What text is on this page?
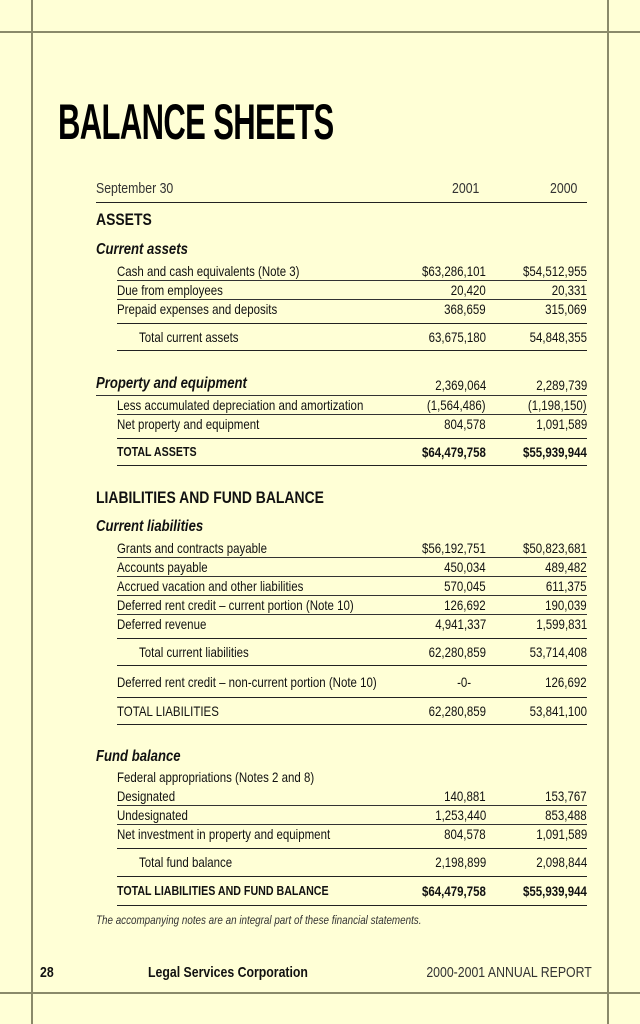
BALANCE SHEETS
September 30	2001	2000
ASSETS
Current assets
Cash and cash equivalents (Note 3)	$63,286,101	$54,512,955
Due from employees	20,420	20,331
Prepaid expenses and deposits	368,659	315,069
Total current assets	63,675,180	54,848,355
Property and equipment	2,369,064	2,289,739
Less accumulated depreciation and amortization	(1,564,486)	(1,198,150)
Net property and equipment	804,578	1,091,589
TOTAL ASSETS	$64,479,758	$55,939,944
LIABILITIES AND FUND BALANCE
Current liabilities
Grants and contracts payable	$56,192,751	$50,823,681
Accounts payable	450,034	489,482
Accrued vacation and other liabilities	570,045	611,375
Deferred rent credit – current portion (Note 10)	126,692	190,039
Deferred revenue	4,941,337	1,599,831
Total current liabilities	62,280,859	53,714,408
Deferred rent credit – non-current portion (Note 10)	-0-	126,692
TOTAL LIABILITIES	62,280,859	53,841,100
Fund balance
Federal appropriations (Notes 2 and 8)
Designated	140,881	153,767
Undesignated	1,253,440	853,488
Net investment in property and equipment	804,578	1,091,589
Total fund balance	2,198,899	2,098,844
TOTAL LIABILITIES AND FUND BALANCE	$64,479,758	$55,939,944
The accompanying notes are an integral part of these financial statements.
28	Legal Services Corporation	2000-2001 ANNUAL REPORT
